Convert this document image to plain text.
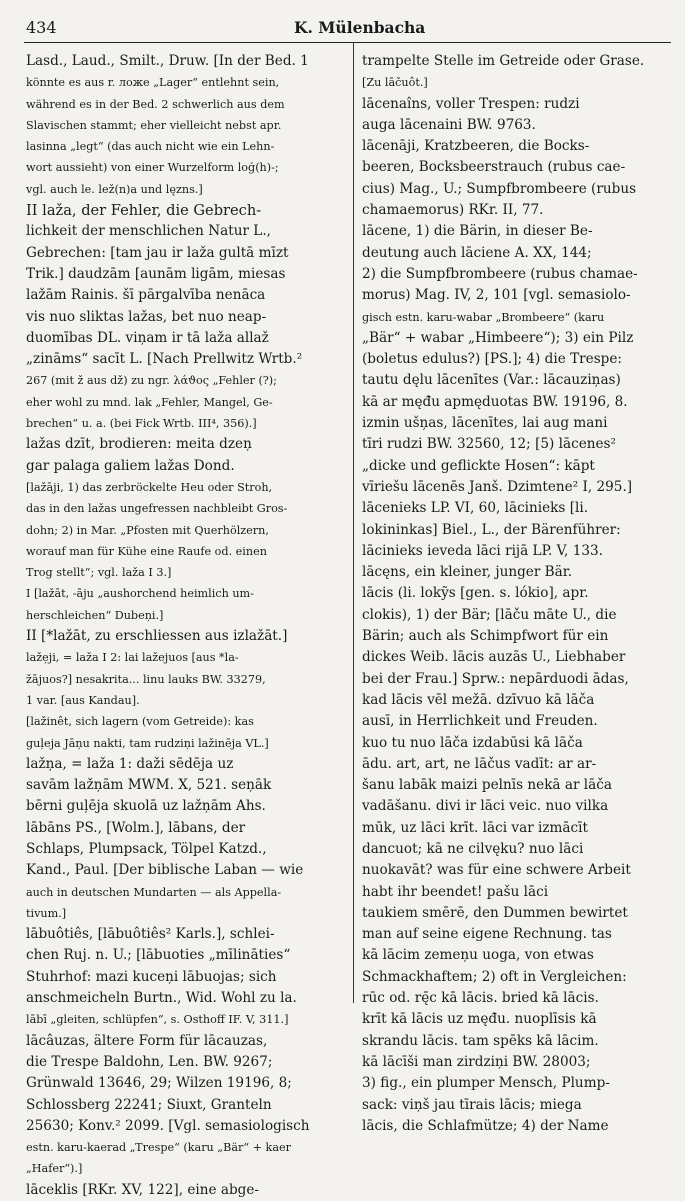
434	K. Mülenbacha
Lasd., Laud., Smilt., Druw. [In der Bed. 1
könnte es aus r. ложе „Lager“ entlehnt sein,
während es in der Bed. 2 schwerlich aus dem
Slavischen stammt; eher vielleicht nebst apr.
lasinna „legt“ (das auch nicht wie ein Lehn-
wort aussieht) von einer Wurzelform loǵ(h)-;
vgl. auch le. lež(n)a und lęzns.]
II laža, der Fehler, die Gebrech-
lichkeit der menschlichen Natur L.,
Gebrechen: [tam jau ir laža gultā mīzt
Trik.] daudzām [aunām ligām, miesas
lažām Rainis. šī pārgalvība nenāca
vis nuo sliktas lažas, bet nuo neap-
duomības DL. viņam ir tā laža allaž
„zināms“ sacīt L. [Nach Prellwitz Wrtb.²
267 (mit ž aus dž) zu ngr. λάϑος „Fehler (?);
eher wohl zu mnd. lak „Fehler, Mangel, Ge-
brechen“ u. a. (bei Fick Wrtb. III⁴, 356).]
lažas dzīt, brodieren: meita dzeņ
gar palaga galiem lažas Dond.
[lažāji, 1) das zerbröckelte Heu oder Stroh,
das in den lažas ungefressen nachbleibt Gros-
dohn; 2) in Mar. „Pfosten mit Querhölzern,
worauf man für Kühe eine Raufe od. einen
Trog stellt“; vgl. laža I 3.]
I [lažāt, -āju „aushorchend heimlich um-
herschleichen“ Dubeņi.]
II [*lažāt, zu erschliessen aus izlažāt.]
laže̦ji, = laža I 2: lai lažejuos [aus *la-
žājuos?] nesakrita... linu lauks BW. 33279,
1 var. [aus Kandau].
[lažinêt, sich lagern (vom Getreide): kas
guļeja Jāņu nakti, tam rudziņi lažinēja VL.]
lažņa, = laža 1: daži sēdēja uz
savām lažņām MWM. X, 521. seņāk
bērni guļēja skuolā uz lažņām Ahs.
lābāns PS., [Wolm.], lābans, der
Schlaps, Plumpsack, Tölpel Katzd.,
Kand., Paul. [Der biblische Laban — wie
auch in deutschen Mundarten — als Appella-
tivum.]
lābuôtiês, [lābuôtiês² Karls.], schlei-
chen Ruj. n. U.; [lābuoties „mīlināties“
Stuhrhof: mazi kuceņi lābuojas; sich
anschmeicheln Burtn., Wid. Wohl zu la.
lābī „gleiten, schlüpfen“, s. Osthoff IF. V, 311.]
lācâuzas, ältere Form für lācauzas,
die Trespe Baldohn, Len. BW. 9267;
Grünwald 13646, 29; Wilzen 19196, 8;
Schlossberg 22241; Siuxt, Granteln
25630; Konv.² 2099. [Vgl. semasiologisch
estn. karu-kaerad „Trespe“ (karu „Bär“ + kaer
„Hafer“).]
lāceklis [RKr. XV, 122], eine abge-
trampelte Stelle im Getreide oder Grase.
[Zu lāčuôt.]
lācenaîns, voller Trespen: rudzi
auga lācenaini BW. 9763.
lācenāji, Kratzbeeren, die Bocks-
beeren, Bocksbeerstrauch (rubus cae-
cius) Mag., U.; Sumpfbrombeere (rubus
chamaemorus) RKr. II, 77.
lācene, 1) die Bärin, in dieser Be-
deutung auch lāciene A. XX, 144;
2) die Sumpfbrombeere (rubus chamae-
morus) Mag. IV, 2, 101 [vgl. semasiolo-
gisch estn. karu-wabar „Brombeere“ (karu
„Bär“ + wabar „Himbeere“); 3) ein Pilz
(boletus edulus?) [PS.]; 4) die Trespe:
tautu dęlu lācenītes (Var.: lācauziņas)
kā ar męđu apmęduotas BW. 19196, 8.
izmin ušņas, lācenītes, lai aug mani
tīri rudzi BW. 32560, 12; [5) lācenes²
„dicke und geflickte Hosen“: kāpt
vīriešu lācenēs Janš. Dzimtene² I, 295.]
lācenieks LP. VI, 60, lācinieks [li.
lokininkas] Biel., L., der Bärenführer:
lācinieks ieveda lāci rijā LP. V, 133.
lācęns, ein kleiner, junger Bär.
lācis (li. lokỹs [gen. s. lókio], apr.
clokis), 1) der Bär; [lāču māte U., die
Bärin; auch als Schimpfwort für ein
dickes Weib. lācis auzās U., Liebhaber
bei der Frau.] Sprw.: nepārduodi ādas,
kad lācis vēl mežā. dzīvuo kā lāča
ausī, in Herrlichkeit und Freuden.
kuo tu nuo lāča izdabūsi kā lāča
ādu. art, art, ne lāčus vadīt: ar ar-
šanu labāk maizi pelnīs nekā ar lāča
vadāšanu. divi ir lāci veic. nuo vilka
mūk, uz lāci krīt. lāci var izmācīt
dancuot; kā ne cilvęku? nuo lāci
nuokavāt? was für eine schwere Arbeit
habt ihr beendet! pašu lāci
taukiem smērē, den Dummen bewirtet
man auf seine eigene Rechnung. tas
kā lācim zemeņu uoga, von etwas
Schmackhaftem; 2) oft in Vergleichen:
rūc od. rę̄c kā lācis. bried kā lācis.
krīt kā lācis uz męđu. nuoplīsis kā
skrandu lācis. tam spēks kā lācim.
kā lācīši man zirdziņi BW. 28003;
3) fig., ein plumper Mensch, Plump-
sack: viņš jau tīrais lācis; miega
lācis, die Schlafmütze; 4) der Name
